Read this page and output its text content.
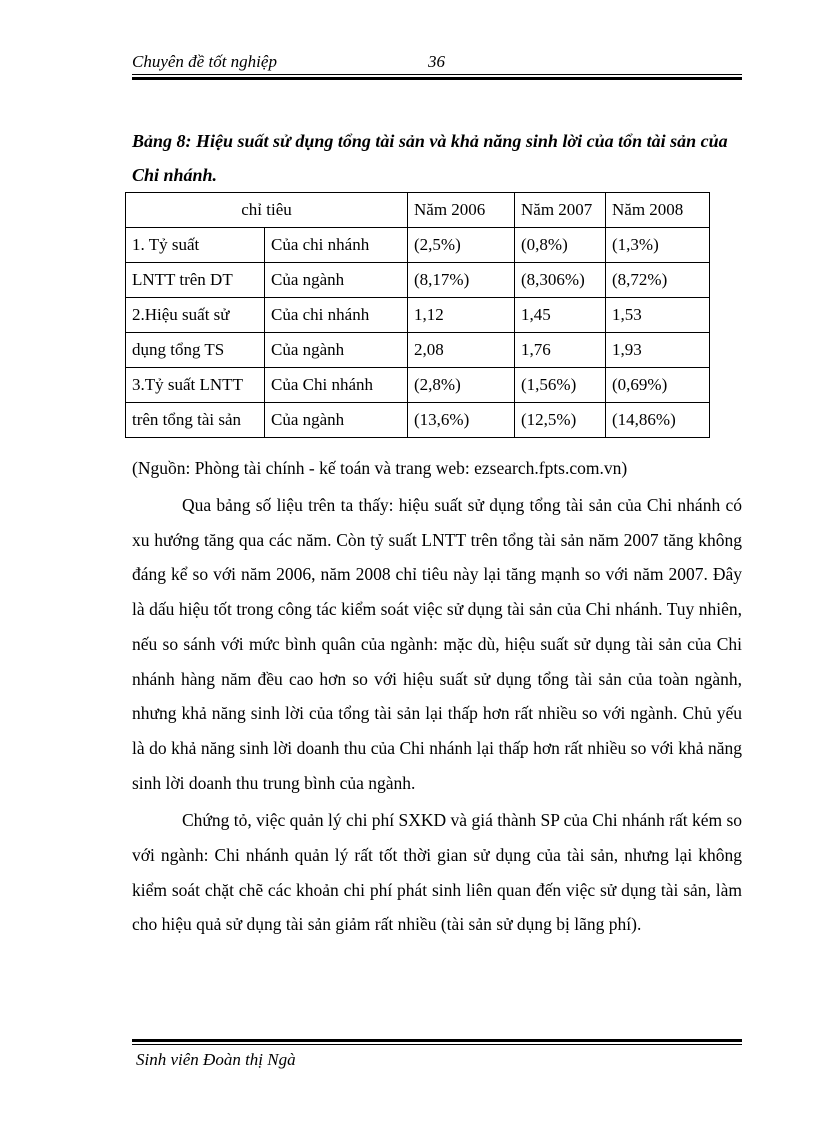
Chuyên đề tốt nghiệp	36
Bảng 8: Hiệu suất sử dụng tổng tài sản và khả năng sinh lời của tổn tài sản của Chi nhánh.
chỉ tiêu		Năm 2006	Năm 2007	Năm 2008
1. Tỷ suất	Của chi nhánh	(2,5%)	(0,8%)	(1,3%)
LNTT trên DT	Của ngành	(8,17%)	(8,306%)	(8,72%)
2.Hiệu suất sử	Của chi nhánh	1,12	1,45	1,53
dụng tổng TS	Của ngành	2,08	1,76	1,93
3.Tỷ suất LNTT	Của Chi nhánh	(2,8%)	(1,56%)	(0,69%)
trên tổng tài sản	Của ngành	(13,6%)	(12,5%)	(14,86%)
(Nguồn: Phòng tài chính - kế toán và trang web: ezsearch.fpts.com.vn)

Qua bảng số liệu trên ta thấy: hiệu suất sử dụng tổng tài sản của Chi nhánh có xu hướng tăng qua các năm. Còn tỷ suất LNTT trên tổng tài sản năm 2007 tăng không đáng kể so với năm 2006, năm 2008 chỉ tiêu này lại tăng mạnh so với năm 2007. Đây là dấu hiệu tốt trong công tác kiểm soát việc sử dụng tài sản của Chi nhánh. Tuy nhiên, nếu so sánh với mức bình quân của ngành: mặc dù, hiệu suất sử dụng tài sản của Chi nhánh hàng năm đều cao hơn so với hiệu suất sử dụng tổng tài sản của toàn ngành, nhưng khả năng sinh lời của tổng tài sản lại thấp hơn rất nhiều so với ngành. Chủ yếu là do khả năng sinh lời doanh thu của Chi nhánh lại thấp hơn rất nhiều so với khả năng sinh lời doanh thu trung bình của ngành.

Chứng tỏ, việc quản lý chi phí SXKD và giá thành SP của Chi nhánh rất kém so với ngành: Chi nhánh quản lý rất tốt thời gian sử dụng của tài sản, nhưng lại không kiểm soát chặt chẽ các khoản chi phí phát sinh liên quan đến việc sử dụng tài sản, làm cho hiệu quả sử dụng tài sản giảm rất nhiều (tài sản sử dụng bị lãng phí).

Sinh viên Đoàn thị Ngà
